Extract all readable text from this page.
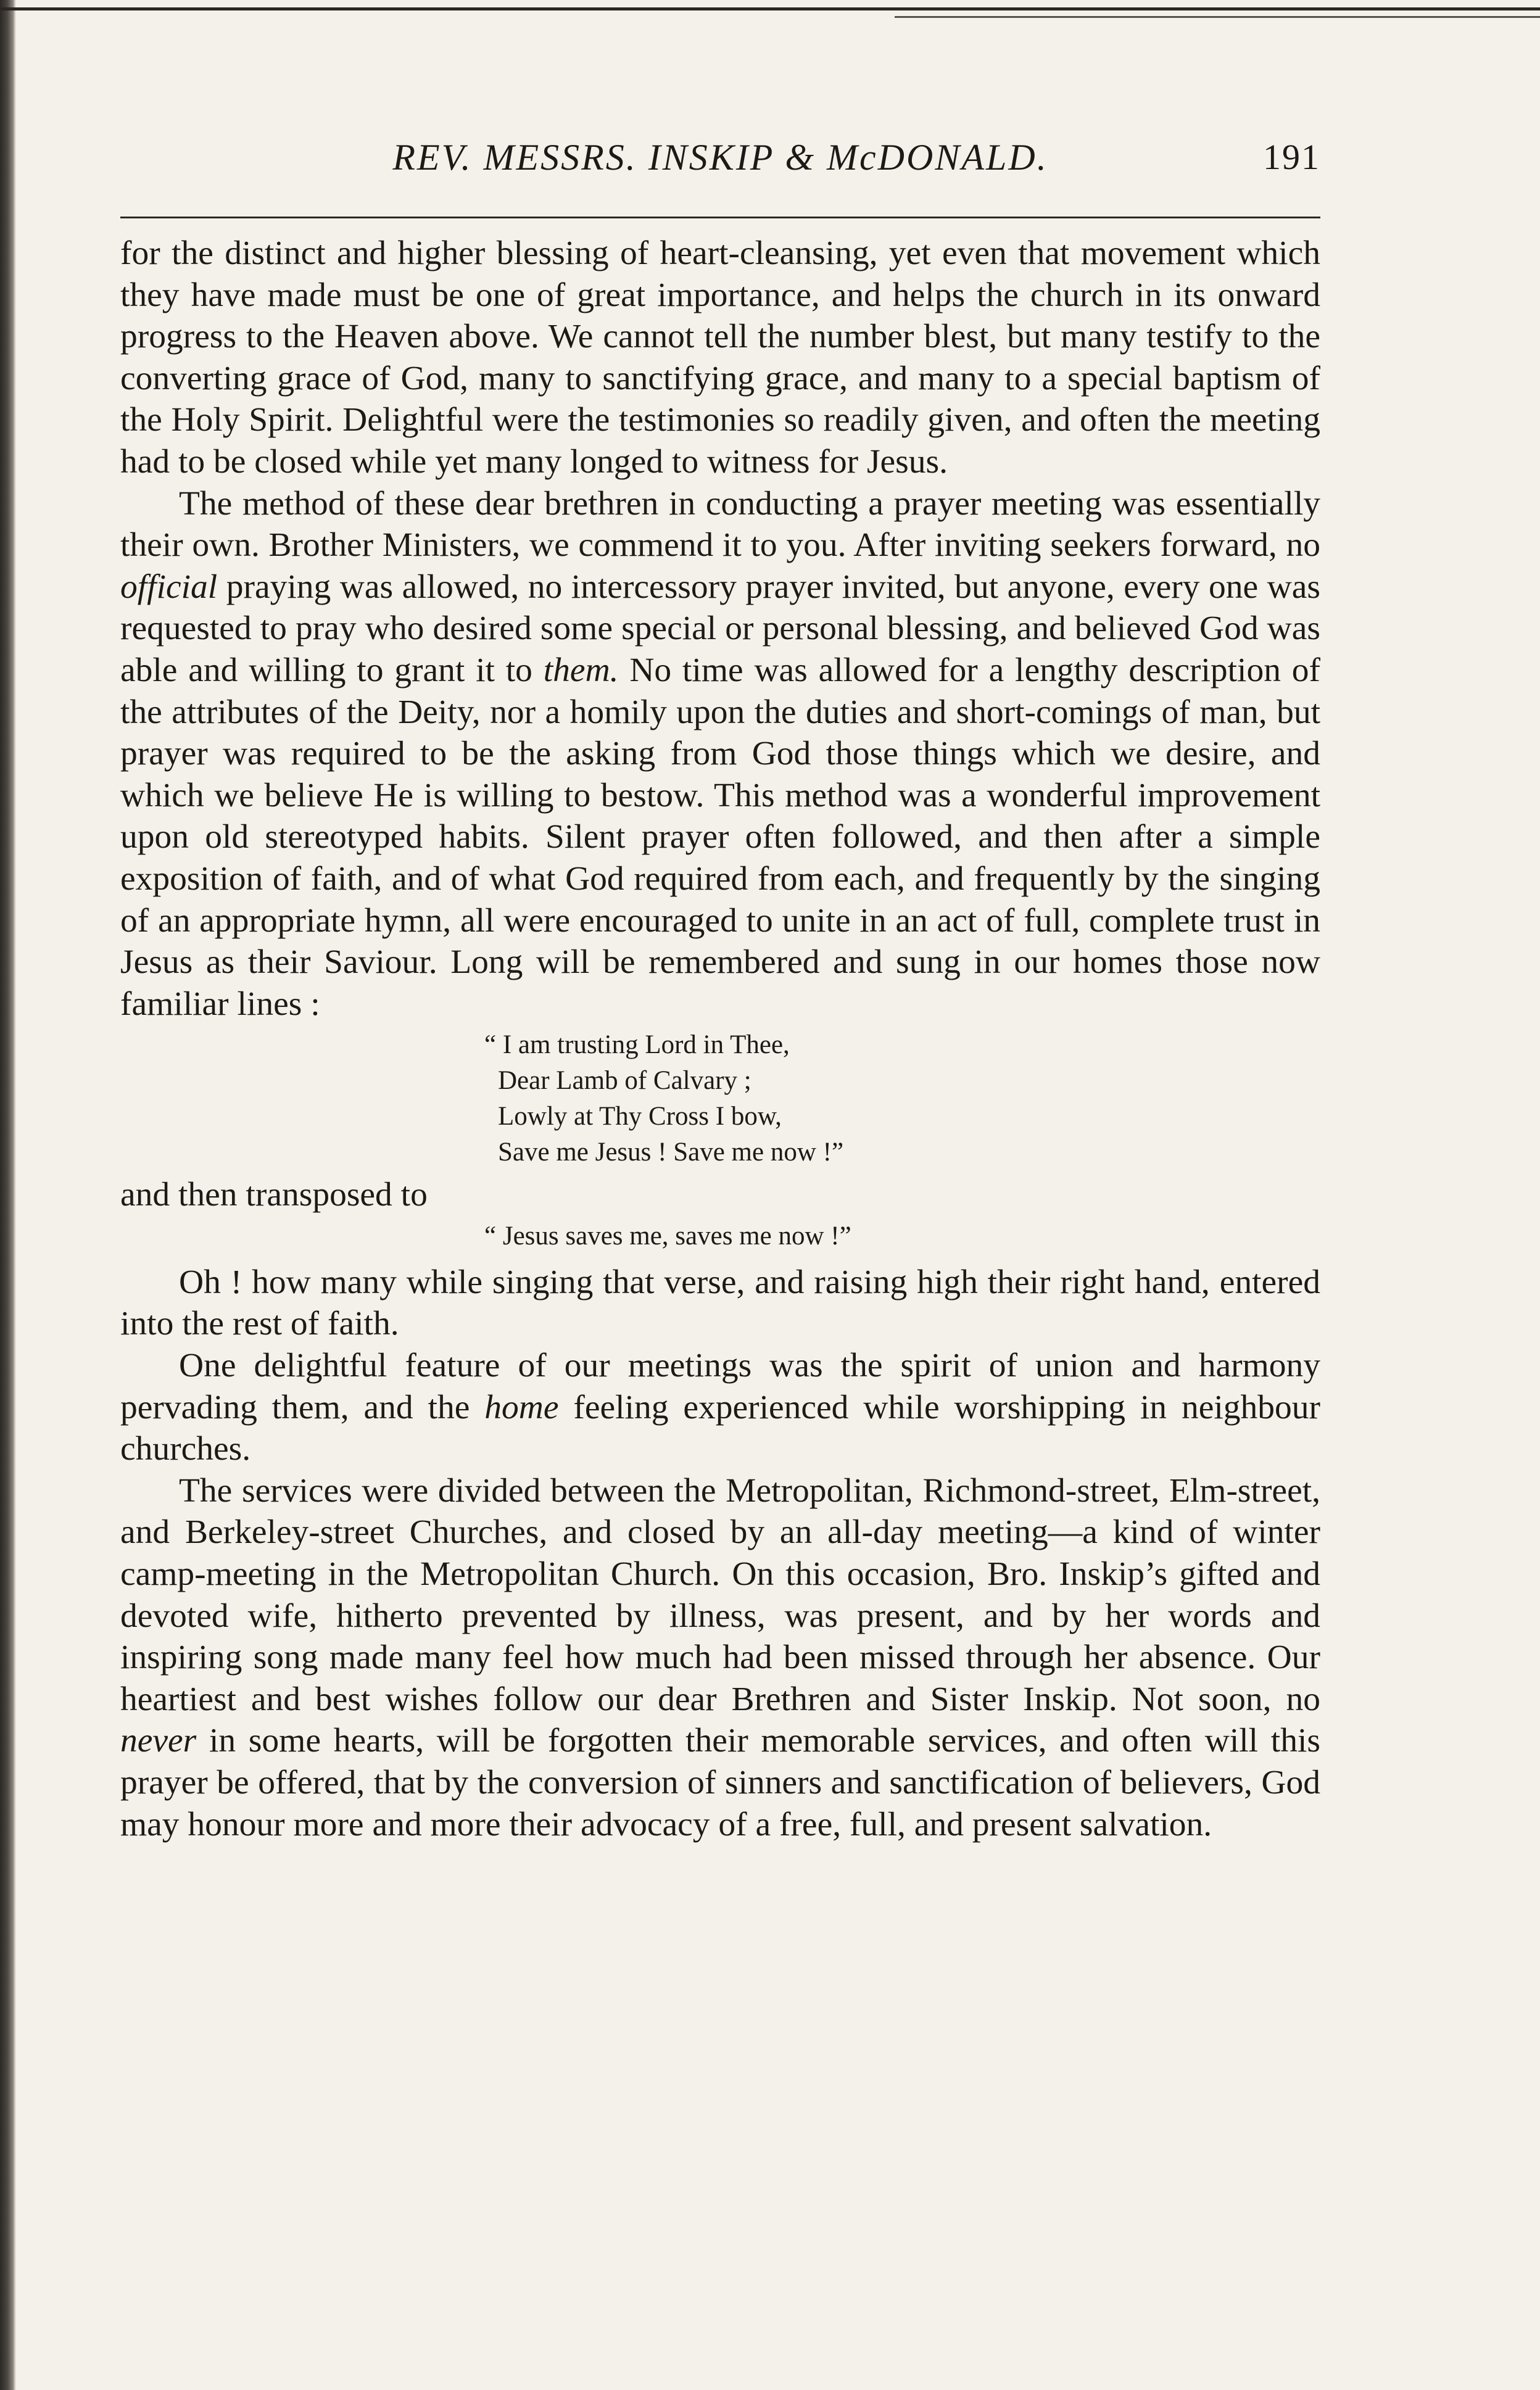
REV. MESSRS. INSKIP & McDONALD.	191

for the distinct and higher blessing of heart-cleansing, yet even that movement which they have made must be one of great importance, and helps the church in its onward progress to the Heaven above. We cannot tell the number blest, but many testify to the converting grace of God, many to sanctifying grace, and many to a special baptism of the Holy Spirit. Delightful were the testimonies so readily given, and often the meeting had to be closed while yet many longed to witness for Jesus.

The method of these dear brethren in conducting a prayer meeting was essentially their own. Brother Ministers, we commend it to you. After inviting seekers forward, no official praying was allowed, no intercessory prayer invited, but anyone, every one was requested to pray who desired some special or personal blessing, and believed God was able and willing to grant it to them. No time was allowed for a lengthy description of the attributes of the Deity, nor a homily upon the duties and short-comings of man, but prayer was required to be the asking from God those things which we desire, and which we believe He is willing to bestow. This method was a wonderful improvement upon old stereotyped habits. Silent prayer often followed, and then after a simple exposition of faith, and of what God required from each, and frequently by the singing of an appropriate hymn, all were encouraged to unite in an act of full, complete trust in Jesus as their Saviour. Long will be remembered and sung in our homes those now familiar lines :

“ I am trusting Lord in Thee,
Dear Lamb of Calvary ;
Lowly at Thy Cross I bow,
Save me Jesus ! Save me now !”

and then transposed to

“ Jesus saves me, saves me now !”

Oh ! how many while singing that verse, and raising high their right hand, entered into the rest of faith.

One delightful feature of our meetings was the spirit of union and harmony pervading them, and the home feeling experienced while worshipping in neighbour churches.

The services were divided between the Metropolitan, Richmond-street, Elm-street, and Berkeley-street Churches, and closed by an all-day meeting—a kind of winter camp-meeting in the Metropolitan Church. On this occasion, Bro. Inskip’s gifted and devoted wife, hitherto prevented by illness, was present, and by her words and inspiring song made many feel how much had been missed through her absence. Our heartiest and best wishes follow our dear Brethren and Sister Inskip. Not soon, no never in some hearts, will be forgotten their memorable services, and often will this prayer be offered, that by the conversion of sinners and sanctification of believers, God may honour more and more their advocacy of a free, full, and present salvation.
